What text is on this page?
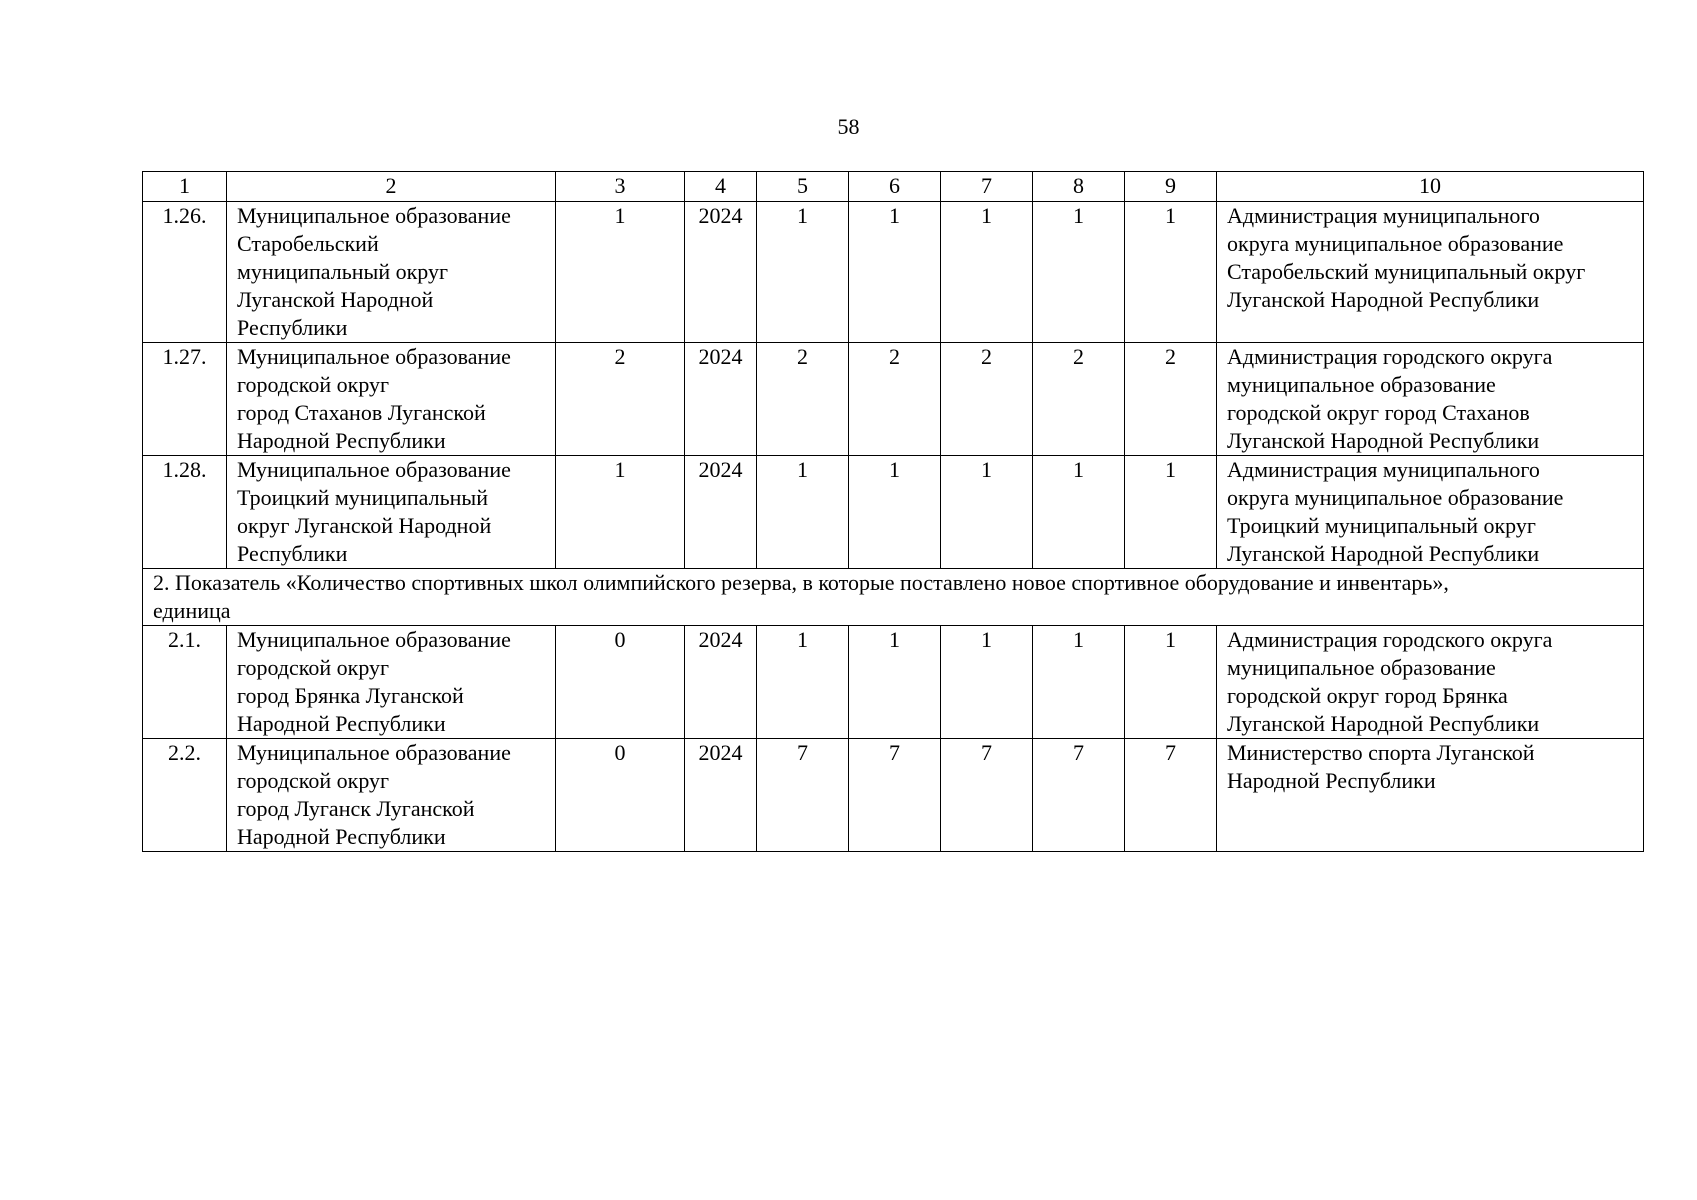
58
1	2	3	4	5	6	7	8	9	10
1.26.	Муниципальное образование
Старобельский
муниципальный округ
Луганской Народной
Республики	1	2024	1	1	1	1	1	Администрация муниципального
округа муниципальное образование
Старобельский муниципальный округ
Луганской Народной Республики

1.27.	Муниципальное образование
городской округ
город Стаханов Луганской
Народной Республики	2	2024	2	2	2	2	2	Администрация городского округа
муниципальное образование
городской округ город Стаханов
Луганской Народной Республики

1.28.	Муниципальное образование
Троицкий муниципальный
округ Луганской Народной
Республики	1	2024	1	1	1	1	1	Администрация муниципального
округа муниципальное образование
Троицкий муниципальный округ
Луганской Народной Республики

2. Показатель «Количество спортивных школ олимпийского резерва, в которые поставлено новое спортивное оборудование и инвентарь»,
единица									

2.1.	Муниципальное образование
городской округ
город Брянка Луганской
Народной Республики	0	2024	1	1	1	1	1	Администрация городского округа
муниципальное образование
городской округ город Брянка
Луганской Народной Республики

2.2.	Муниципальное образование
городской округ
город Луганск Луганской
Народной Республики	0	2024	7	7	7	7	7	Министерство спорта Луганской
Народной Республики
